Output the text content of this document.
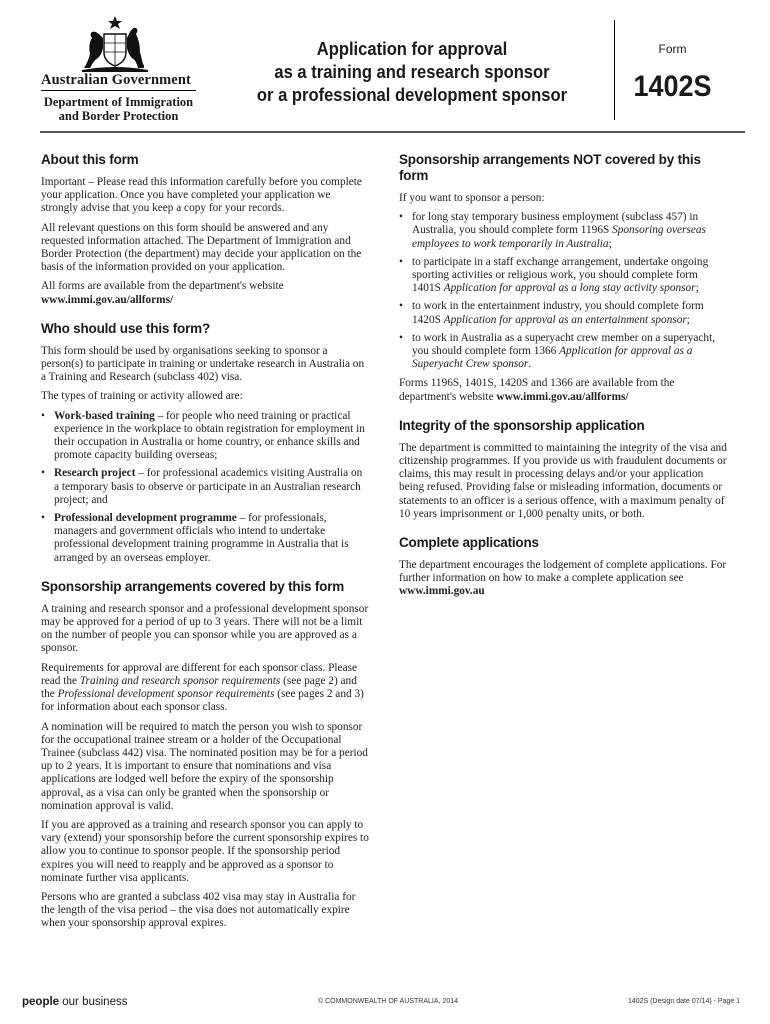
Australian Government
Department of Immigration
and Border Protection
Application for approval
as a training and research sponsor
or a professional development sponsor
Form
1402S
About this form

Important – Please read this information carefully before you complete your application. Once you have completed your application we strongly advise that you keep a copy for your records.

All relevant questions on this form should be answered and any requested information attached. The Department of Immigration and Border Protection (the department) may decide your application on the basis of the information provided on your application.

All forms are available from the department's website
www.immi.gov.au/allforms/

Who should use this form?

This form should be used by organisations seeking to sponsor a person(s) to participate in training or undertake research in Australia on a Training and Research (subclass 402) visa.

The types of training or activity allowed are:

• Work-based training – for people who need training or practical experience in the workplace to obtain registration for employment in their occupation in Australia or home country, or enhance skills and promote capacity building overseas;
• Research project – for professional academics visiting Australia on a temporary basis to observe or participate in an Australian research project; and
• Professional development programme – for professionals, managers and government officials who intend to undertake professional development training programme in Australia that is arranged by an overseas employer.
Sponsorship arrangements covered by this form

A training and research sponsor and a professional development sponsor may be approved for a period of up to 3 years. There will not be a limit on the number of people you can sponsor while you are approved as a sponsor.

Requirements for approval are different for each sponsor class. Please read the Training and research sponsor requirements (see page 2) and the Professional development sponsor requirements (see pages 2 and 3) for information about each sponsor class.

A nomination will be required to match the person you wish to sponsor for the occupational trainee stream or a holder of the Occupational Trainee (subclass 442) visa. The nominated position may be for a period up to 2 years. It is important to ensure that nominations and visa applications are lodged well before the expiry of the sponsorship approval, as a visa can only be granted when the sponsorship or nomination approval is valid.

If you are approved as a training and research sponsor you can apply to vary (extend) your sponsorship before the current sponsorship expires to allow you to continue to sponsor people. If the sponsorship period expires you will need to reapply and be approved as a sponsor to nominate further visa applicants.

Persons who are granted a subclass 402 visa may stay in Australia for the length of the visa period – the visa does not automatically expire when your sponsorship approval expires.

Sponsorship arrangements NOT covered by this form

If you want to sponsor a person:

• for long stay temporary business employment (subclass 457) in Australia, you should complete form 1196S Sponsoring overseas employees to work temporarily in Australia;
• to participate in a staff exchange arrangement, undertake ongoing sporting activities or religious work, you should complete form 1401S Application for approval as a long stay activity sponsor;
• to work in the entertainment industry, you should complete form 1420S Application for approval as an entertainment sponsor;
• to work in Australia as a superyacht crew member on a superyacht, you should complete form 1366 Application for approval as a Superyacht Crew sponsor.

Forms 1196S, 1401S, 1420S and 1366 are available from the department's website www.immi.gov.au/allforms/

Integrity of the sponsorship application

The department is committed to maintaining the integrity of the visa and citizenship programmes. If you provide us with fraudulent documents or claims, this may result in processing delays and/or your application being refused. Providing false or misleading information, documents or statements to an officer is a serious offence, with a maximum penalty of 10 years imprisonment or 1,000 penalty units, or both.

Complete applications

The department encourages the lodgement of complete applications. For further information on how to make a complete application see www.immi.gov.au

people our business	© COMMONWEALTH OF AUSTRALIA, 2014	1402S (Design date 07/14) - Page 1
